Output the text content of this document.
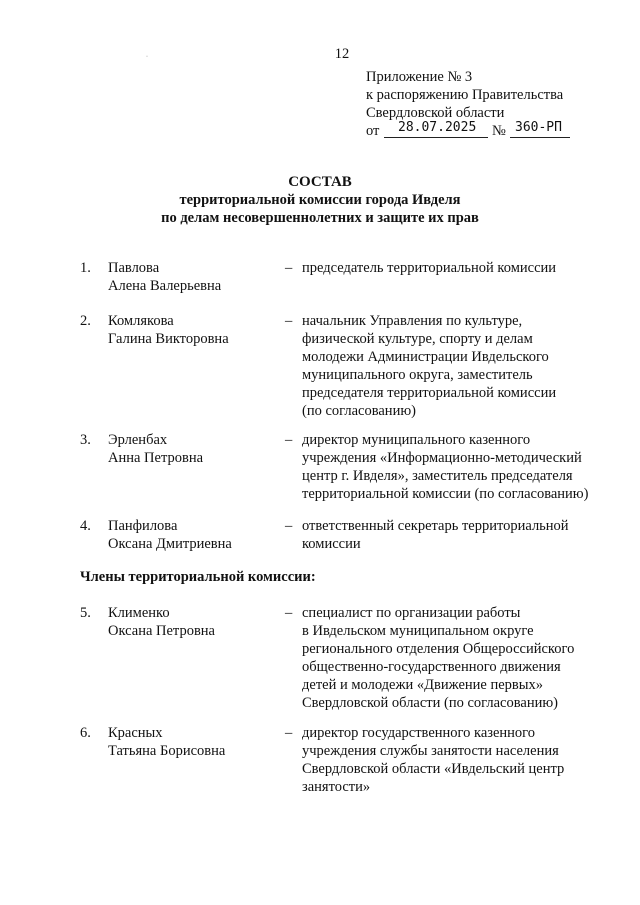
12
·
Приложение № 3
к распоряжению Правительства
Свердловской области
от 28.07.2025 № 360-РП
СОСТАВ
территориальной комиссии города Ивделя
по делам несовершеннолетних и защите их прав
1.	Павлова
Алена Валерьевна
– председатель территориальной комиссии
2.	Комлякова
Галина Викторовна
– начальник Управления по культуре,
физической культуре, спорту и делам
молодежи Администрации Ивдельского
муниципального округа, заместитель
председателя территориальной комиссии
(по согласованию)
3.	Эрленбах
Анна Петровна
– директор муниципального казенного
учреждения «Информационно-методический
центр г. Ивделя», заместитель председателя
территориальной комиссии (по согласованию)
4.	Панфилова
Оксана Дмитриевна
– ответственный секретарь территориальной
комиссии
Члены территориальной комиссии:
5.	Клименко
Оксана Петровна
– специалист по организации работы
в Ивдельском муниципальном округе
регионального отделения Общероссийского
общественно-государственного движения
детей и молодежи «Движение первых»
Свердловской области (по согласованию)
6.	Красных
Татьяна Борисовна
– директор государственного казенного
учреждения службы занятости населения
Свердловской области «Ивдельский центр
занятости»
